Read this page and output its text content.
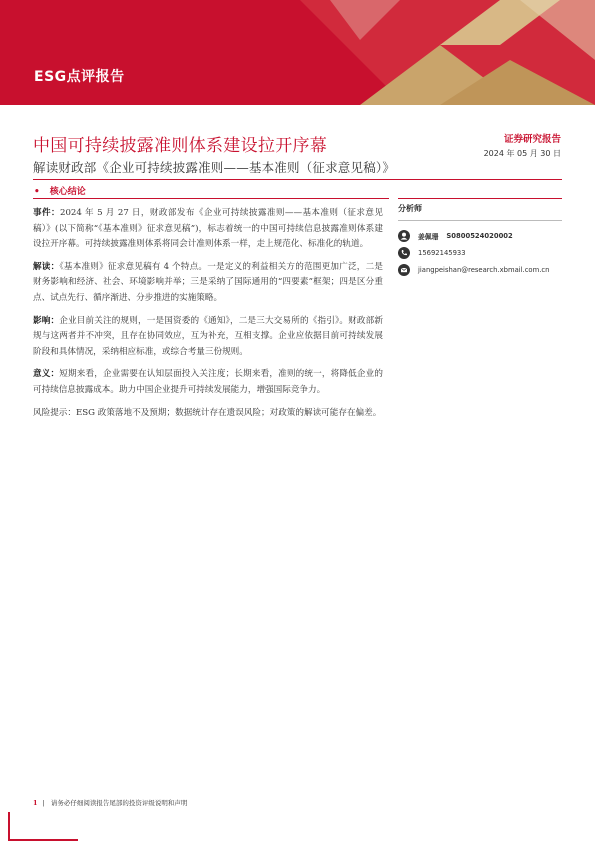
ESG点评报告
中国可持续披露准则体系建设拉开序幕	证券研究报告
2024 年 05 月 30 日
解读财政部《企业可持续披露准则——基本准则（征求意见稿）》
• 核心结论

事件：2024 年 5 月 27 日，财政部发布《企业可持续披露准则——基本准则（征求意见稿）》(以下简称“《基本准则》征求意见稿”)，标志着统一的中国可持续信息披露准则体系建设拉开序幕。可持续披露准则体系将同会计准则体系一样，走上规范化、标准化的轨道。

解读：《基本准则》征求意见稿有 4 个特点。一是定义的利益相关方的范围更加广泛，二是财务影响和经济、社会、环境影响并举；三是采纳了国际通用的“四要素”框架；四是区分重点、试点先行、循序渐进、分步推进的实施策略。

影响：企业目前关注的规则，一是国资委的《通知》，二是三大交易所的《指引》。财政部新规与这两者并不冲突，且存在协同效应，互为补充，互相支撑。企业应依据目前可持续发展阶段和具体情况，采纳相应标准，或综合考量三份规则。

意义：短期来看，企业需要在认知层面投入关注度；长期来看，准则的统一，将降低企业的可持续信息披露成本。助力中国企业提升可持续发展能力，增强国际竞争力。

风险提示：ESG 政策落地不及预期；数据统计存在遗误风险；对政策的解读可能存在偏差。

分析师
姜佩珊 S0800524020002
15692145933
jiangpeishan@research.xbmail.com.cn
1 | 请务必仔细阅读报告尾部的投资评级说明和声明
